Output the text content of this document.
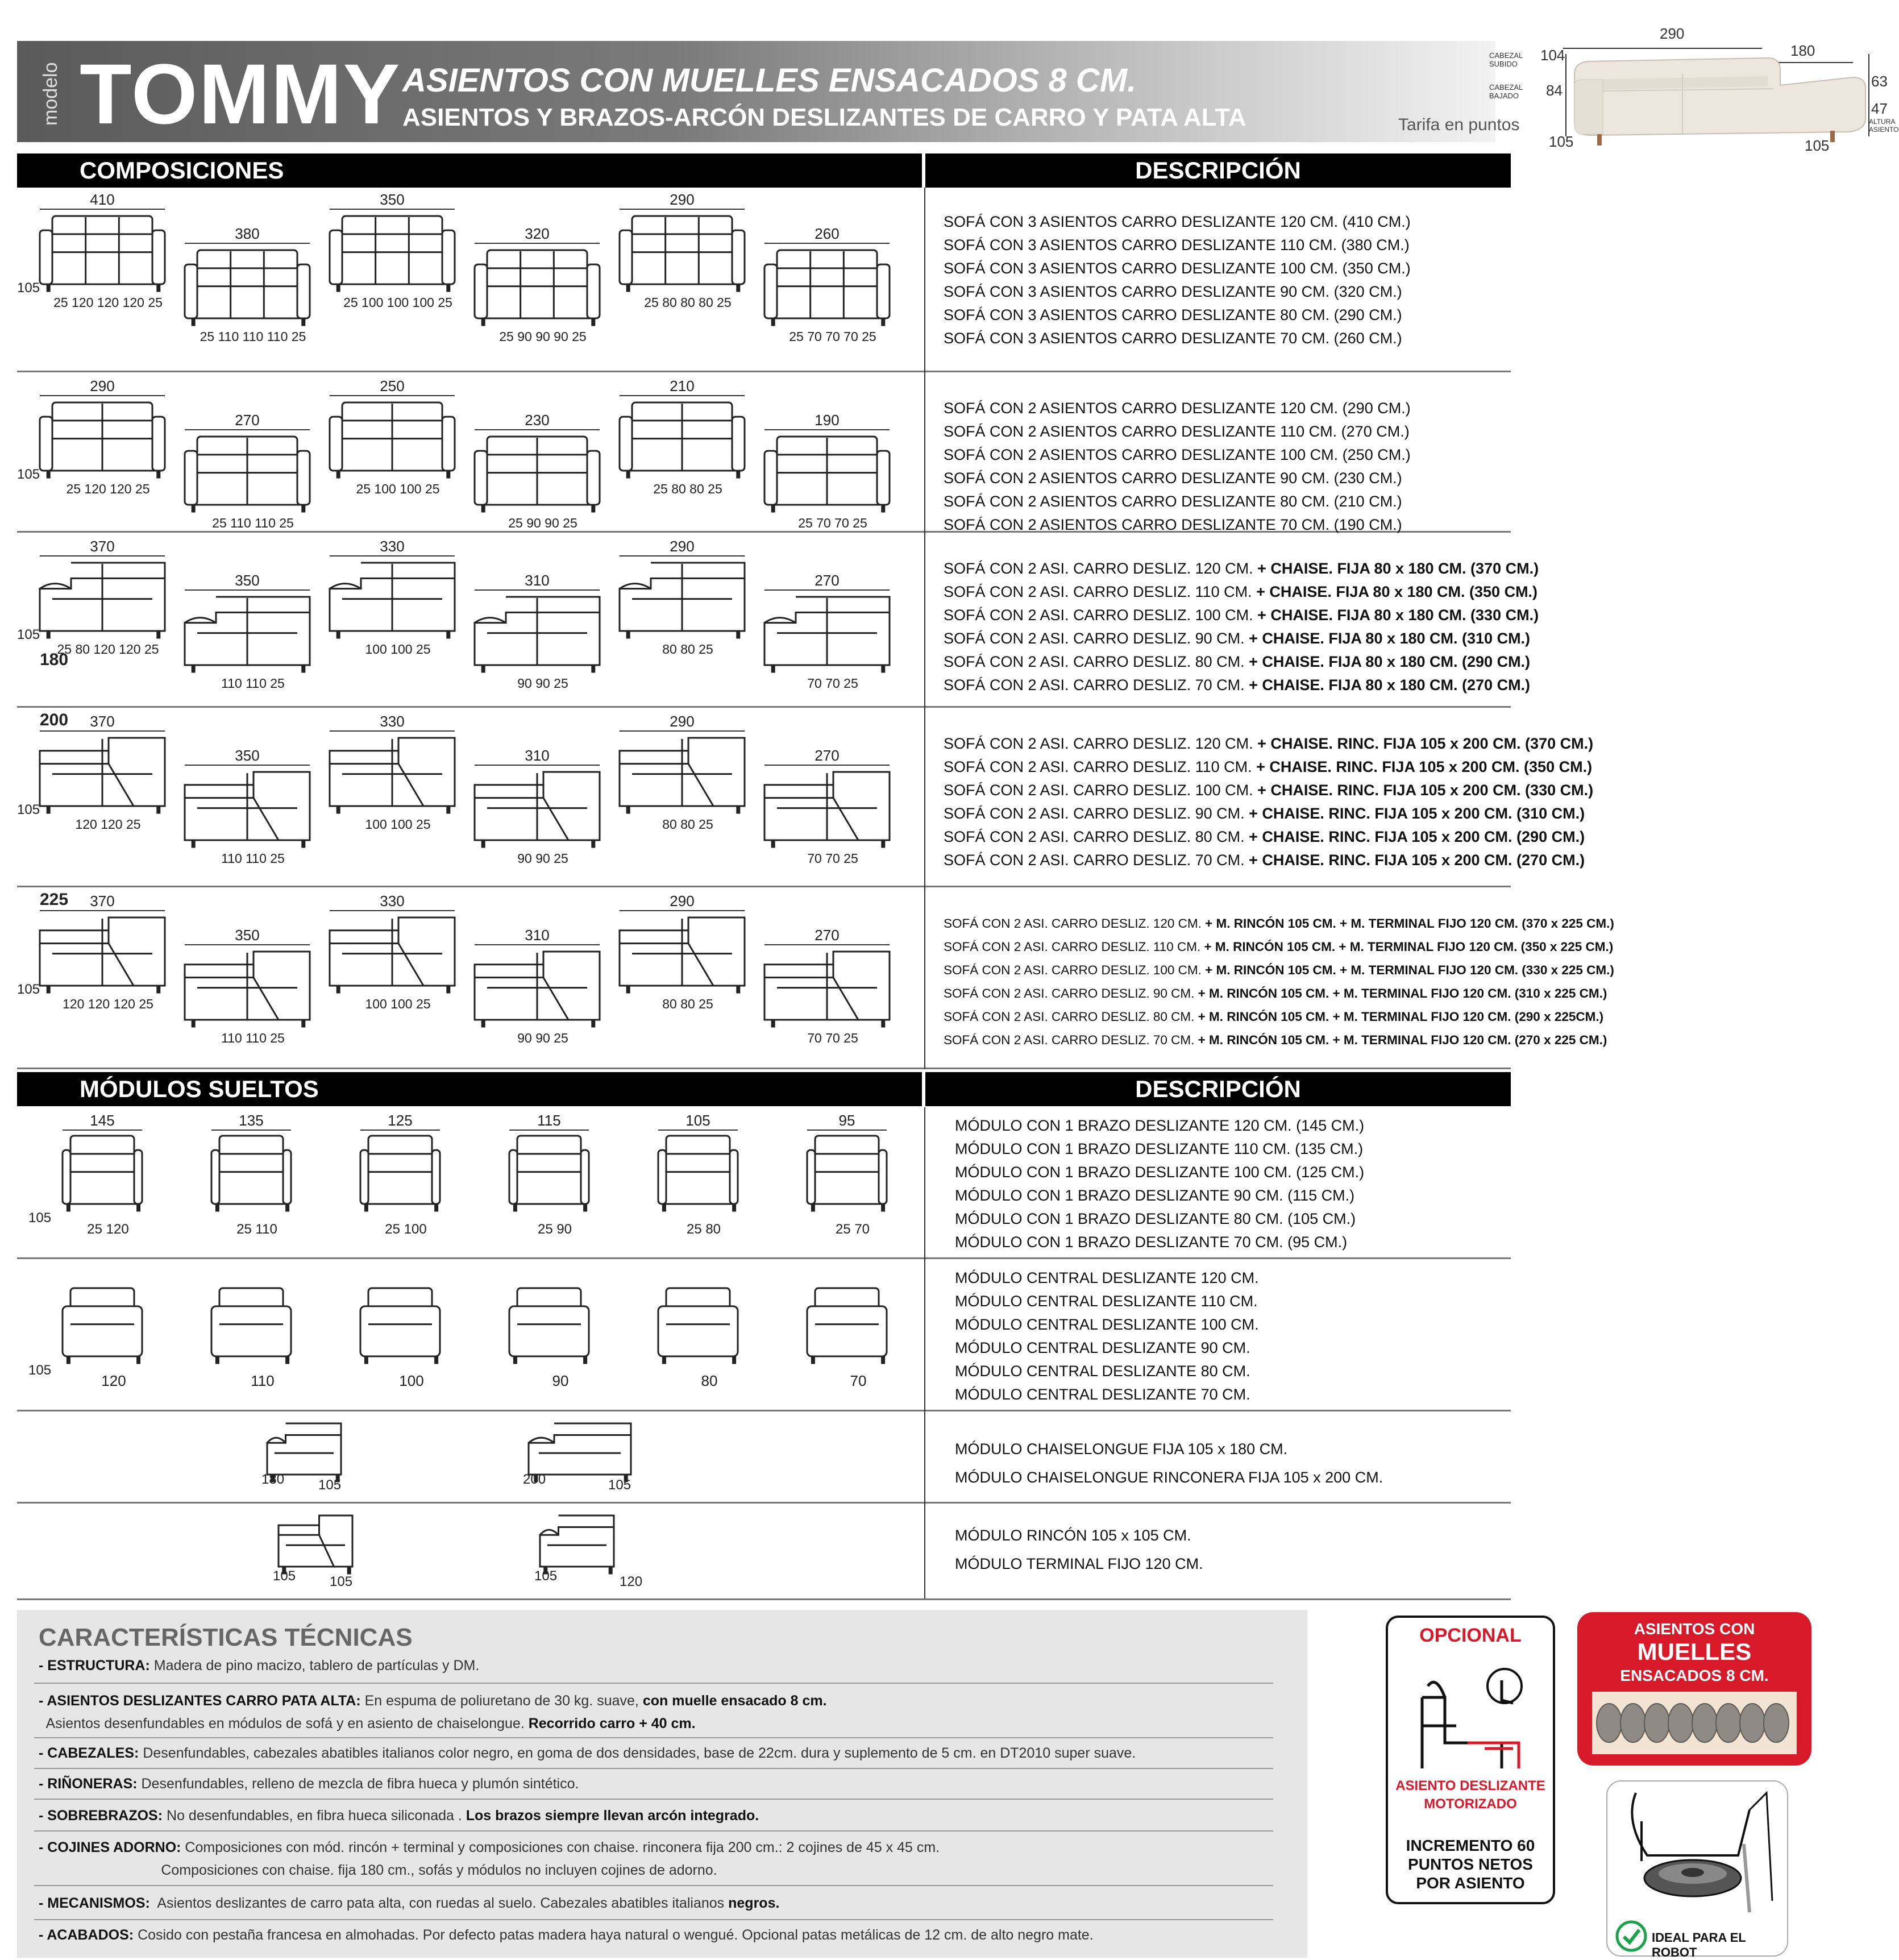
modelo TOMMY ASIENTOS CON MUELLES ENSACADOS 8 CM.
ASIENTOS Y BRAZOS-ARCÓN DESLIZANTES DE CARRO Y PATA ALTA	Tarifa en puntos
290
180
CABEZAL
SUBIDO
104
CABEZAL
BAJADO 84
105	105
63
47
ALTURA
ASIENTO
COMPOSICIONES	DESCRIPCIÓN
410
25 120 120 120 25
105
380
25 110 110 110 25
350
25 100 100 100 25
320
25 90 90 90 25
290
25 80 80 80 25
260
25 70 70 70 25
SOFÁ CON 3 ASIENTOS CARRO DESLIZANTE 120 CM. (410 CM.)
SOFÁ CON 3 ASIENTOS CARRO DESLIZANTE 110 CM. (380 CM.)
SOFÁ CON 3 ASIENTOS CARRO DESLIZANTE 100 CM. (350 CM.)
SOFÁ CON 3 ASIENTOS CARRO DESLIZANTE 90 CM. (320 CM.)
SOFÁ CON 3 ASIENTOS CARRO DESLIZANTE 80 CM. (290 CM.)
SOFÁ CON 3 ASIENTOS CARRO DESLIZANTE 70 CM. (260 CM.)
290
25 120 120 25
105
270
25 110 110 25
250
25 100 100 25
230
25 90 90 25
210
25 80 80 25
190
25 70 70 25
SOFÁ CON 2 ASIENTOS CARRO DESLIZANTE 120 CM. (290 CM.)
SOFÁ CON 2 ASIENTOS CARRO DESLIZANTE 110 CM. (270 CM.)
SOFÁ CON 2 ASIENTOS CARRO DESLIZANTE 100 CM. (250 CM.)
SOFÁ CON 2 ASIENTOS CARRO DESLIZANTE 90 CM. (230 CM.)
SOFÁ CON 2 ASIENTOS CARRO DESLIZANTE 80 CM. (210 CM.)
SOFÁ CON 2 ASIENTOS CARRO DESLIZANTE 70 CM. (190 CM.)
370
25 80 120 120 25
105
350
110 110 25
330
100 100 25
310
90 90 25
290
80 80 25
270
70 70 25
180
SOFÁ CON 2 ASI. CARRO DESLIZ. 120 CM. + CHAISE. FIJA 80 x 180 CM. (370 CM.)
SOFÁ CON 2 ASI. CARRO DESLIZ. 110 CM. + CHAISE. FIJA 80 x 180 CM. (350 CM.)
SOFÁ CON 2 ASI. CARRO DESLIZ. 100 CM. + CHAISE. FIJA 80 x 180 CM. (330 CM.)
SOFÁ CON 2 ASI. CARRO DESLIZ. 90 CM. + CHAISE. FIJA 80 x 180 CM. (310 CM.)
SOFÁ CON 2 ASI. CARRO DESLIZ. 80 CM. + CHAISE. FIJA 80 x 180 CM. (290 CM.)
SOFÁ CON 2 ASI. CARRO DESLIZ. 70 CM. + CHAISE. FIJA 80 x 180 CM. (270 CM.)
370
120 120 25
105
350
110 110 25
330
100 100 25
310
90 90 25
290
80 80 25
270
70 70 25
200
SOFÁ CON 2 ASI. CARRO DESLIZ. 120 CM. + CHAISE. RINC. FIJA 105 x 200 CM. (370 CM.)
SOFÁ CON 2 ASI. CARRO DESLIZ. 110 CM. + CHAISE. RINC. FIJA 105 x 200 CM. (350 CM.)
SOFÁ CON 2 ASI. CARRO DESLIZ. 100 CM. + CHAISE. RINC. FIJA 105 x 200 CM. (330 CM.)
SOFÁ CON 2 ASI. CARRO DESLIZ. 90 CM. + CHAISE. RINC. FIJA 105 x 200 CM. (310 CM.)
SOFÁ CON 2 ASI. CARRO DESLIZ. 80 CM. + CHAISE. RINC. FIJA 105 x 200 CM. (290 CM.)
SOFÁ CON 2 ASI. CARRO DESLIZ. 70 CM. + CHAISE. RINC. FIJA 105 x 200 CM. (270 CM.)
370
120 120 120 25
105
350
110 110 25
330
100 100 25
310
90 90 25
290
80 80 25
270
70 70 25
225
SOFÁ CON 2 ASI. CARRO DESLIZ. 120 CM. + M. RINCÓN 105 CM. + M. TERMINAL FIJO 120 CM. (370 x 225 CM.)
SOFÁ CON 2 ASI. CARRO DESLIZ. 110 CM. + M. RINCÓN 105 CM. + M. TERMINAL FIJO 120 CM. (350 x 225 CM.)
SOFÁ CON 2 ASI. CARRO DESLIZ. 100 CM. + M. RINCÓN 105 CM. + M. TERMINAL FIJO 120 CM. (330 x 225 CM.)
SOFÁ CON 2 ASI. CARRO DESLIZ. 90 CM. + M. RINCÓN 105 CM. + M. TERMINAL FIJO 120 CM. (310 x 225 CM.)
SOFÁ CON 2 ASI. CARRO DESLIZ. 80 CM. + M. RINCÓN 105 CM. + M. TERMINAL FIJO 120 CM. (290 x 225CM.)
SOFÁ CON 2 ASI. CARRO DESLIZ. 70 CM. + M. RINCÓN 105 CM. + M. TERMINAL FIJO 120 CM. (270 x 225 CM.)
MÓDULOS SUELTOS	DESCRIPCIÓN
145
25 120
105
135
25 110
125
25 100
115
25 90
105
25 80
95
25 70
MÓDULO CON 1 BRAZO DESLIZANTE 120 CM. (145 CM.)
MÓDULO CON 1 BRAZO DESLIZANTE 110 CM. (135 CM.)
MÓDULO CON 1 BRAZO DESLIZANTE 100 CM. (125 CM.)
MÓDULO CON 1 BRAZO DESLIZANTE 90 CM. (115 CM.)
MÓDULO CON 1 BRAZO DESLIZANTE 80 CM. (105 CM.)
MÓDULO CON 1 BRAZO DESLIZANTE 70 CM. (95 CM.)
120
105
110	100	90	80	70
MÓDULO CENTRAL DESLIZANTE 120 CM.
MÓDULO CENTRAL DESLIZANTE 110 CM.
MÓDULO CENTRAL DESLIZANTE 100 CM.
MÓDULO CENTRAL DESLIZANTE 90 CM.
MÓDULO CENTRAL DESLIZANTE 80 CM.
MÓDULO CENTRAL DESLIZANTE 70 CM.
180 105	200	105
MÓDULO CHAISELONGUE FIJA 105 x 180 CM.
MÓDULO CHAISELONGUE RINCONERA FIJA 105 x 200 CM.
105 105	105	120
MÓDULO RINCÓN 105 x 105 CM.
MÓDULO TERMINAL FIJO 120 CM.
CARACTERÍSTICAS TÉCNICAS
- ESTRUCTURA: Madera de pino macizo, tablero de partículas y DM.
- ASIENTOS DESLIZANTES CARRO PATA ALTA: En espuma de poliuretano de 30 kg. suave, con muelle ensacado 8 cm.
Asientos desenfundables en módulos de sofá y en asiento de chaiselongue. Recorrido carro + 40 cm.
- CABEZALES: Desenfundables, cabezales abatibles italianos color negro, en goma de dos densidades, base de 22cm. dura y suplemento de 5 cm. en DT2010 super suave.
- RIÑONERAS: Desenfundables, relleno de mezcla de fibra hueca y plumón sintético.
- SOBREBRAZOS: No desenfundables, en fibra hueca siliconada . Los brazos siempre llevan arcón integrado.
- COJINES ADORNO: Composiciones con mód. rincón + terminal y composiciones con chaise. rinconera fija 200 cm.: 2 cojines de 45 x 45 cm.
Composiciones con chaise. fija 180 cm., sofás y módulos no incluyen cojines de adorno.
- MECANISMOS:  Asientos deslizantes de carro pata alta, con ruedas al suelo. Cabezales abatibles italianos negros.
- ACABADOS: Cosido con pestaña francesa en almohadas. Por defecto patas madera haya natural o wengué. Opcional patas metálicas de 12 cm. de alto negro mate.
OPCIONAL
ASIENTO DESLIZANTE
MOTORIZADO
INCREMENTO 60
PUNTOS NETOS
POR ASIENTO
ASIENTOS CON
MUELLES
ENSACADOS 8 CM.
IDEAL PARA EL ROBOT
